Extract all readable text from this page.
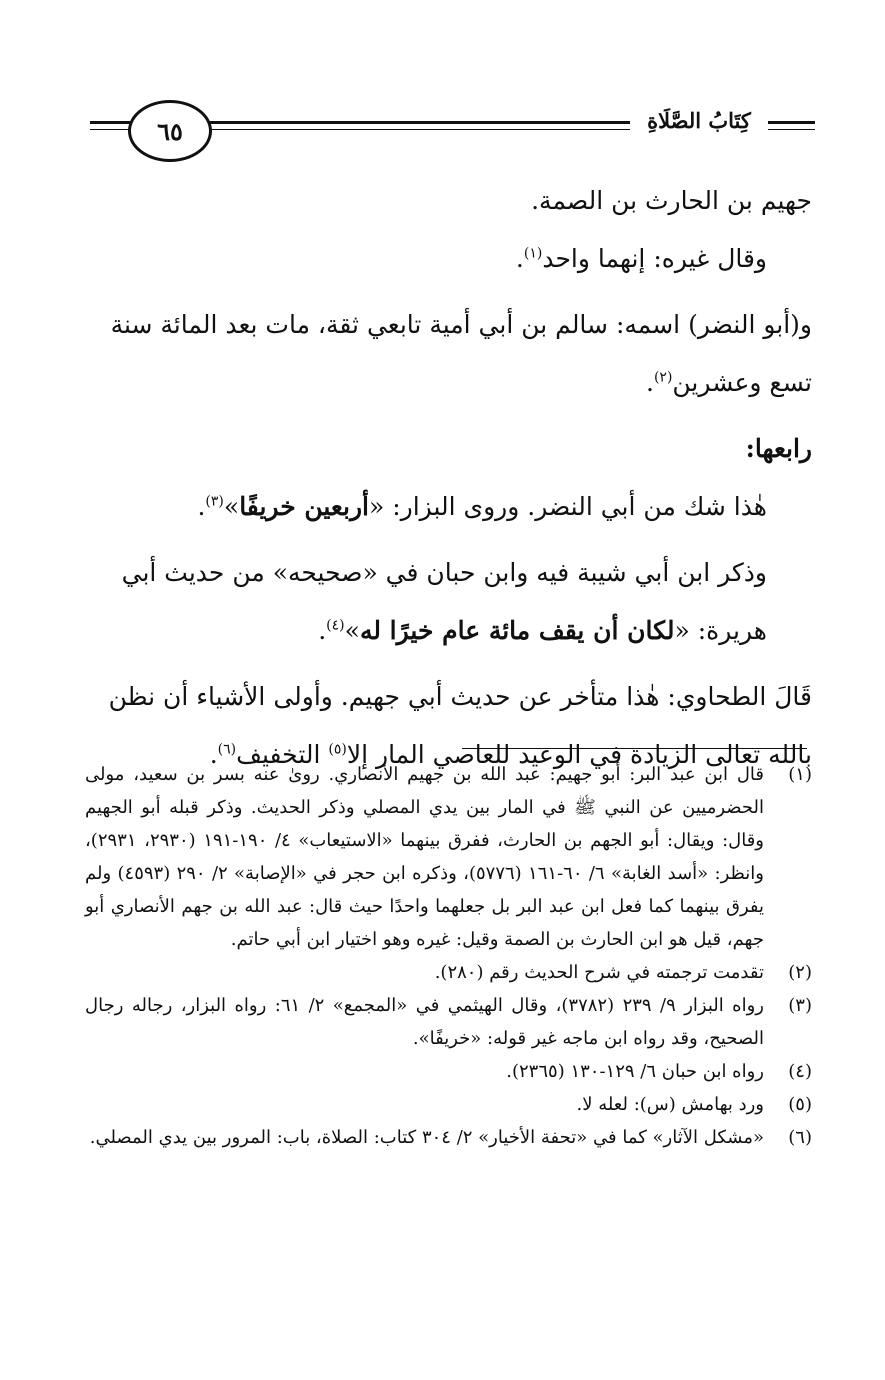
٦٥	كِتَابُ الصَّلَاةِ

جهيم بن الحارث بن الصمة.

وقال غيره: إنهما واحد$^{(١)}$.

و(أبو النضر) اسمه: سالم بن أبي أمية تابعي ثقة، مات بعد المائة سنة تسع وعشرين$^{(٢)}$.

رابعها:

هٰذا شك من أبي النضر. وروى البزار: «أربعين خريفًا»$^{(٣)}$.

وذكر ابن أبي شيبة فيه وابن حبان في «صحيحه» من حديث أبي هريرة: «لكان أن يقف مائة عام خيرًا له»$^{(٤)}$.

قَالَ الطحاوي: هٰذا متأخر عن حديث أبي جهيم. وأولى الأشياء أن نظن بالله تعالى الزيادة في الوعيد للعاصي المار إلا$^{(٥)}$ التخفيف$^{(٦)}$.

(١)
قال ابن عبد البر: أبو جهيم: عبد الله بن جهيم الأنصاري. روىٰ عنه بسر بن سعيد، مولى الحضرميين عن النبي ﷺ في المار بين يدي المصلي وذكر الحديث. وذكر قبله أبو الجهيم وقال: ويقال: أبو الجهم بن الحارث، ففرق بينهما «الاستيعاب» ٤/ ١٩٠-١٩١ (٢٩٣٠، ٢٩٣١)، وانظر: «أسد الغابة» ٦/ ٦٠-١٦١ (٥٧٧٦)، وذكره ابن حجر في «الإصابة» ٢/ ٢٩٠ (٤٥٩٣) ولم يفرق بينهما كما فعل ابن عبد البر بل جعلهما واحدًا حيث قال: عبد الله بن جهم الأنصاري أبو جهم، قيل هو ابن الحارث بن الصمة وقيل: غيره وهو اختيار ابن أبي حاتم.
(٢)
تقدمت ترجمته في شرح الحديث رقم (٢٨٠).
(٣)
رواه البزار ٩/ ٢٣٩ (٣٧٨٢)، وقال الهيثمي في «المجمع» ٢/ ٦١: رواه البزار، رجاله رجال الصحيح، وقد رواه ابن ماجه غير قوله: «خريفًا».
(٤)
رواه ابن حبان ٦/ ١٢٩-١٣٠ (٢٣٦٥).
(٥)
ورد بهامش (س): لعله لا.
(٦)
«مشكل الآثار» كما في «تحفة الأخيار» ٢/ ٣٠٤ كتاب: الصلاة، باب: المرور بين يدي المصلي.
